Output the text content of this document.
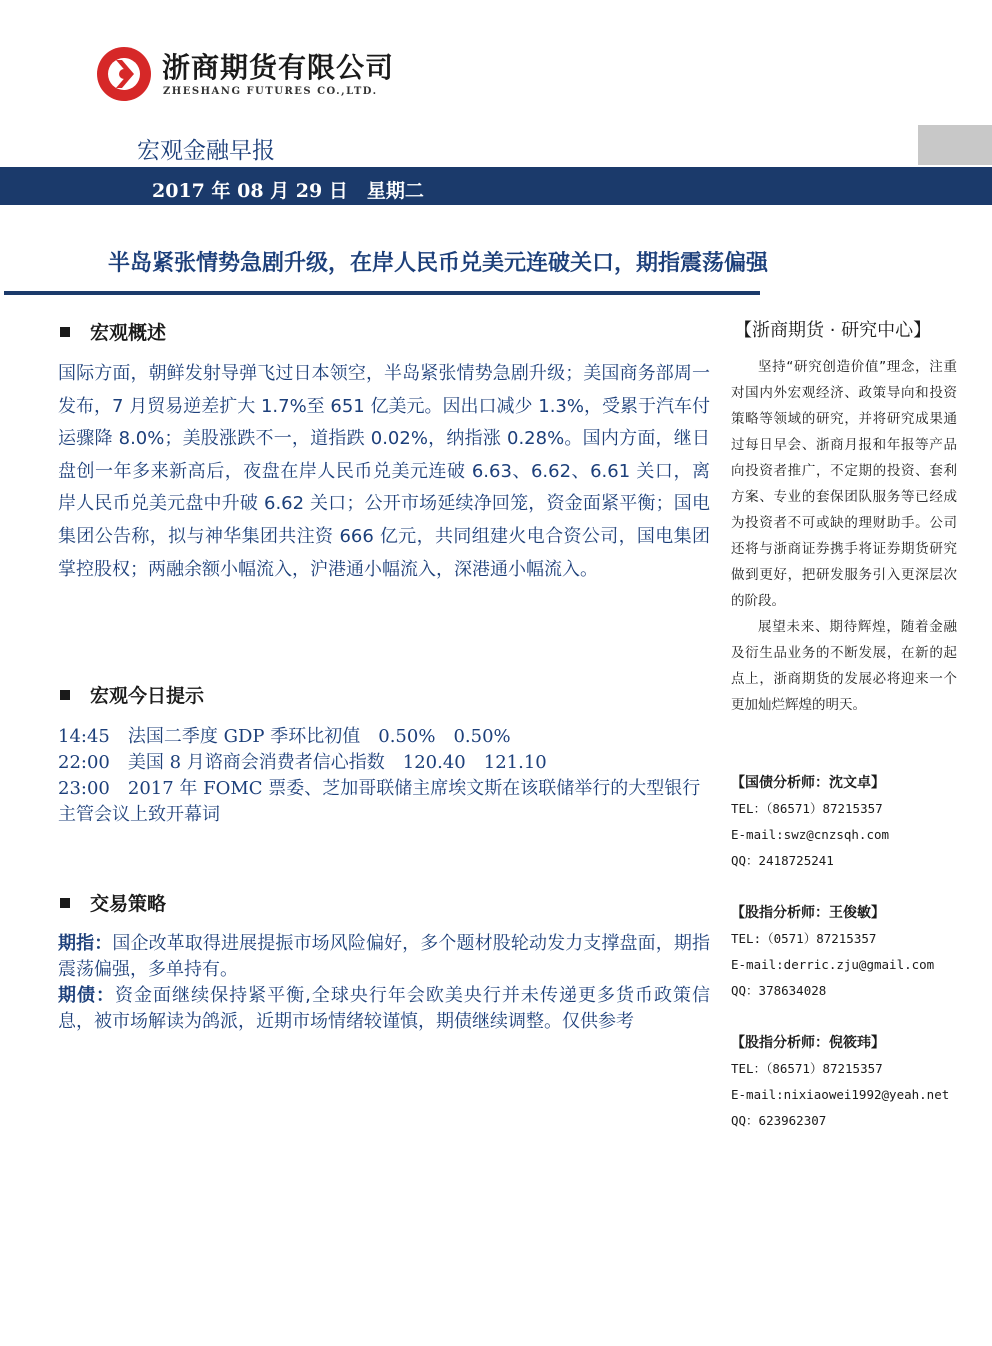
浙商期货有限公司
ZHESHANG FUTURES CO.,LTD.
宏观金融早报
2017 年 08 月 29 日　星期二
半岛紧张情势急剧升级，在岸人民币兑美元连破关口，期指震荡偏强
宏观概述
国际方面，朝鲜发射导弹飞过日本领空，半岛紧张情势急剧升级；美国商务部周一发布，7 月贸易逆差扩大 1.7%至 651 亿美元。因出口减少 1.3%，受累于汽车付运骤降 8.0%；美股涨跌不一，道指跌 0.02%，纳指涨 0.28%。国内方面，继日盘创一年多来新高后，夜盘在岸人民币兑美元连破 6.63、6.62、6.61 关口，离岸人民币兑美元盘中升破 6.62 关口；公开市场延续净回笼，资金面紧平衡；国电集团公告称，拟与神华集团共注资 666 亿元，共同组建火电合资公司，国电集团掌控股权；两融余额小幅流入，沪港通小幅流入，深港通小幅流入。
宏观今日提示
14:45 法国二季度 GDP 季环比初值 0.50% 0.50%
22:00 美国 8 月谘商会消费者信心指数 120.40 121.10
23:00 2017 年 FOMC 票委、芝加哥联储主席埃文斯在该联储举行的大型银行主管会议上致开幕词
交易策略
期指：国企改革取得进展提振市场风险偏好，多个题材股轮动发力支撑盘面，期指震荡偏强，多单持有。
期债：资金面继续保持紧平衡,全球央行年会欧美央行并未传递更多货币政策信息，被市场解读为鸽派，近期市场情绪较谨慎，期债继续调整。仅供参考
【浙商期货 · 研究中心】
坚持“研究创造价值”理念，注重对国内外宏观经济、政策导向和投资策略等领域的研究，并将研究成果通过每日早会、浙商月报和年报等产品向投资者推广，不定期的投资、套利方案、专业的套保团队服务等已经成为投资者不可或缺的理财助手。公司还将与浙商证券携手将证券期货研究做到更好，把研发服务引入更深层次的阶段。
展望未来、期待辉煌，随着金融及衍生品业务的不断发展，在新的起点上，浙商期货的发展必将迎来一个更加灿烂辉煌的明天。
【国债分析师：沈文卓】
TEL：（86571）87215357
E-mail:swz@cnzsqh.com
QQ：2418725241
【股指分析师：王俊敏】
TEL:（0571）87215357
E-mail:derric.zju@gmail.com
QQ：378634028
【股指分析师：倪筱玮】
TEL：（86571）87215357
E-mail:nixiaowei1992@yeah.net
QQ：623962307
